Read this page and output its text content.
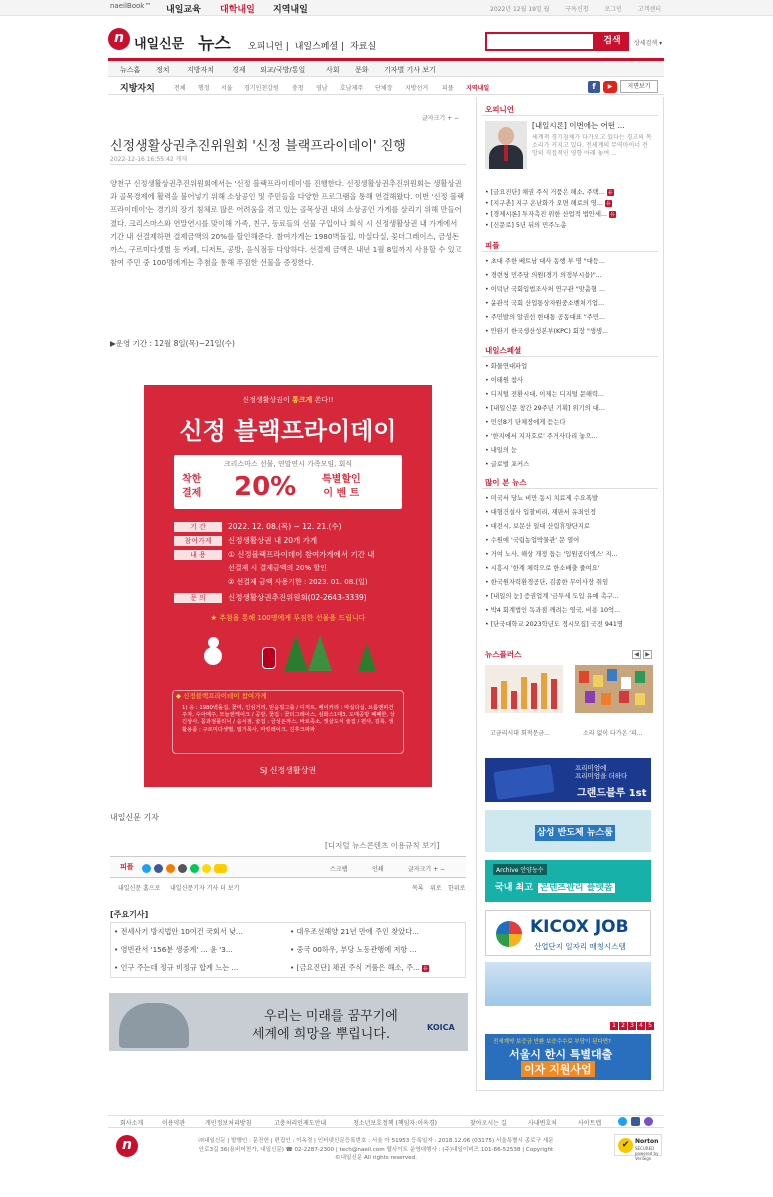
naeilBook™ 내일교육 대학내일 지역내일	2022년 12월 19일 월	구독신청	로그인	고객센터
n 내일신문 뉴스	오피니언 | 내일스페셜 | 자료실
검색	상세검색 ▾
뉴스홈 정치 지방자치	경제 외교/국방/통일	사회 문화 기자별 기사 보기
지방자치	전체 행정 서울 경기인천강원 충청 영남 호남제주 단체장 지방선거 피플 지역내일	f	▶	지면보기
글자크기 + −
신정생활상권추진위원회 '신정 블랙프라이데이' 진행
2022-12-16 16:55:42 게재

양천구 신정생활상권추진위원회에서는 '신정 블랙프라이데이'를 진행한다. 신정생활상권추진위원회는 생활상권과 골목경제에 활력을 불어넣기 위해 소상공인 및 주민들을 다양한 프로그램을 통해 연결해왔다. 이번 '신정 블랙프라이데이'는 경기의 장기 침체로 많은 어려움을 겪고 있는 골목상권 내의 소상공인 가게를 살리기 위해 만들어졌다. 크리스마스와 연말연시를 맞이해 가족, 친구, 동료들의 선물 구입이나 회식 시 신정생활상권 내 가게에서 기간 내 선결제하면 결제금액의 20%를 할인해준다. 참여가게는 1980벽돌집, 마실다실, 꽃더그레이스, 금성돈까스, 구르미다셋별 등 카페, 디저트, 공방, 음식점등 다양하다. 선결제 금액은 내년 1월 8일까지 사용할 수 있고 참여 주민 중 100명에게는 추첨을 통해 푸짐한 선물을 증정한다.

▶운영 기간 : 12월 8일(목)~21일(수)
신정생활상권이 통크게 쏜다!!
신정 블랙프라이데이
크리스마스 선물, 연말연시 가족모임, 회식
착한
결제 20%	특별할인
이 벤 트
기 간	2022. 12. 08.(목) ~ 12. 21.(수)
참여가게 신정생활상권 내 20개 가게
내 용	① 신정블랙프라이데이 참여가게에서 기간 내
선결제 시 결제금액의 20% 할인
② 선결제 금액 사용기한 : 2023. 01. 08.(일)
문 의	신정생활상권추진위원회(02-2643-3339)
★ 추첨을 통해 100명에게 푸짐한 선물을 드립니다
◆ 신정블랙프라이데이 참여가게
1) 옹 : 1980벽돌집, 꽃마, 인심거리, 믿음빌그룹 / 디저트, 베이커리 : 마실다실, 브롬앤피건주자, 수아메주, 모놀엔케이크 / 공방, 꽃집 : 꽃더그레이스, 심화스1대3, 도매공방 페페한, 상긴상사, 꼼과점플리닉 / 음식점, 술집 : 금성돈까스, 바로족소, 캣살도식 술집 / 편사, 김록, 생활용품 : 구르미다셋별, 밀기목사, 마킹레이크, 진후크파파
SJ 신정생활상권
내일신문 기자
[디지털 뉴스콘텐츠 이용규칙 보기]
피플	스크랩	인쇄	글자크기 + −
내일신문 홈으로 내일신문기자 기사 더 보기	목록 위로 한위로
[주요기사]
• 전세사기 방지법안 10여건 국회서 낮...	• 대우조선해양 21년 만에 주인 찾았다...
• 영빈관서 '156분 생중계' … 윤 '3...	• 중국 00하우, 부당 노동관행에 저항 …
• 인구 주는데 정규 비정규 합계 느는 ...	• [금요진단] 채권 주식 거품은 해소, 주... 유
우리는 미래를 꿈꾸기에
세계에 희망을 뿌립니다.	KOICA
오피니언
[내일시론] 이번에는 어떤 ...
세계적 경기침체가 다가오고 있다는 경고의 목소리가 커지고 있다. 전세계의 무역마이너 전망의 직접적인 영향 아래 놓여 ...
• [금요진단] 채권 주식 거품은 해소, 주택... 유
• [지구촌] 지구 온난화가 오면 해로의 영... 유
• [경제시론] 투자촉진 위한 산업적 법안세... 유
• [신문로] 5년 뒤의 민주노총
피플
• 초대 주한 베트남 대사 동행 부 명 "대등...
• 경련청 민주당 의원(경기 의정부시을)"...
• 이덕난 국회입법조사처 연구관 "맞춤형 ...
• 윤관석 국회 산업통상자원중소벤처기업...
• 주민발의 알권선 현대통 공동대표 "주민...
• 안완기 한국생산성본부(KPC) 회장 "생생...
내일스페셜
• 화물연대파업
• 이태원 참사
• 디지털 전환시대, 이제는 디지털 문해력...
• [내일신문 창간 29주년 기획] 위기의 대...
• 민선8기 단체장에게 듣는다
• '한지에서 지자호로' 주거사다리 놓으...
• 내일의 눈
• 글로벌 포커스
많이 본 뉴스
• 미국서 당뇨 비만 동시 치료제 수요폭발
• 대형건설사 입찰비리, 재판서 유죄인정
• 대전시, 보문산 일대 산림휴양단지로
• 수원에 '국립농업박물관' 문 열어
• 거여 노사, 해상 개정 돕는 '입원공더엑스' 지...
• 시흥시 '한계 체력으로 한소배출 줄여요'
• 한국원자력환경공단, 김종한 무이사장 취임
• [내일의 눈] 증권업계 '금투세 도입 유예 촉구...
• 박4 회계법인 독과점 깨려는 영국, 비용 10억...
• [단국대학교 2023학년도 정시모집] 국전 941명
뉴스플러스	◀	▶
고금리시대 회적문금...	소리 없이 다가온 '피...
프리미엄에
프리미엄을 더하다
그랜드블루 1st
삼성 반도체 뉴스룸
Archive 안양농수
국내 최고 콘텐츠관리 플랫폼
KICOX JOB
산업단지 일자리 매칭시스템
1 2 3 4 5
전세계약 보증금 반환 보증수수료 부담이 된다면?
서울시 한시 특별대출
이자 지원사업
회사소개	이용약관	개인정보처리방침	고충처리인제도안내	청소년보호정책 (책임자:이옥경)	찾아오시는 길	사내변호처	사이트맵
n	㈜내일신문 | 발행인 : 문진헌 | 편집인 : 이옥경 | 인터넷신문등록번호 : 서울 아 51953 등록일자 : 2018.12.06 (03175) 서울특별시 종로구 새문안로3길 36(용비어천가, 내일신문) ☎ 02-2287-2300 | tech@naeil.com 웹사이트 운영대행사 : (주)내일이비즈 101-86-52538 | Copyright ©내일신문 All rights reserved.
✔ Norton
SECURED powered by VeriSign
